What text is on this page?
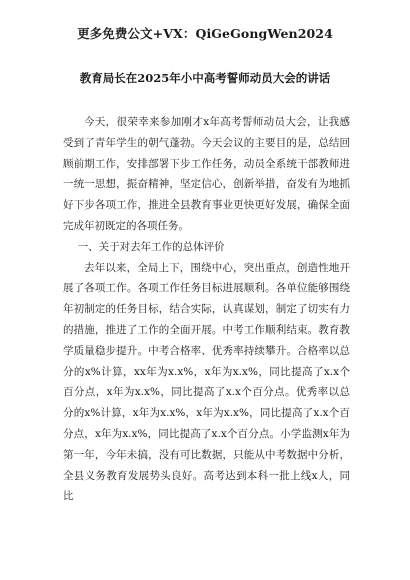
更多免费公文+VX：QiGeGongWen2024
教育局长在2025年小中高考誓师动员大会的讲话

今天，很荣幸来参加刚才x年高考誓师动员大会，让我感受到了青年学生的朝气蓬勃。今天会议的主要目的是，总结回顾前期工作，安排部署下步工作任务，动员全系统干部教师进一统一思想，振奋精神，坚定信心，创新举措，奋发有为地抓好下步各项工作，推进全县教育事业更快更好发展，确保全面完成年初既定的各项任务。

一、关于对去年工作的总体评价

去年以来，全局上下，围绕中心，突出重点，创造性地开展了各项工作。各项工作任务目标进展顺利。各单位能够围绕年初制定的任务目标，结合实际，认真谋划，制定了切实有力的措施，推进了工作的全面开展。中考工作顺利结束。教育教学质量稳步提升。中考合格率、优秀率持续攀升。合格率以总分的x%计算，xx年为x.x%，x年为x.x%，同比提高了x.x个百分点，x年为x.x%，同比提高了x.x个百分点。优秀率以总分的x%计算，x年为x.x%，x年为x.x%，同比提高了x.x个百分点，x年为x.x%，同比提高了x.x个百分点。小学监测x年为第一年，今年未搞，没有可比数据，只能从中考数据中分析，全县义务教育发展势头良好。高考达到本科一批上线x人，同比
